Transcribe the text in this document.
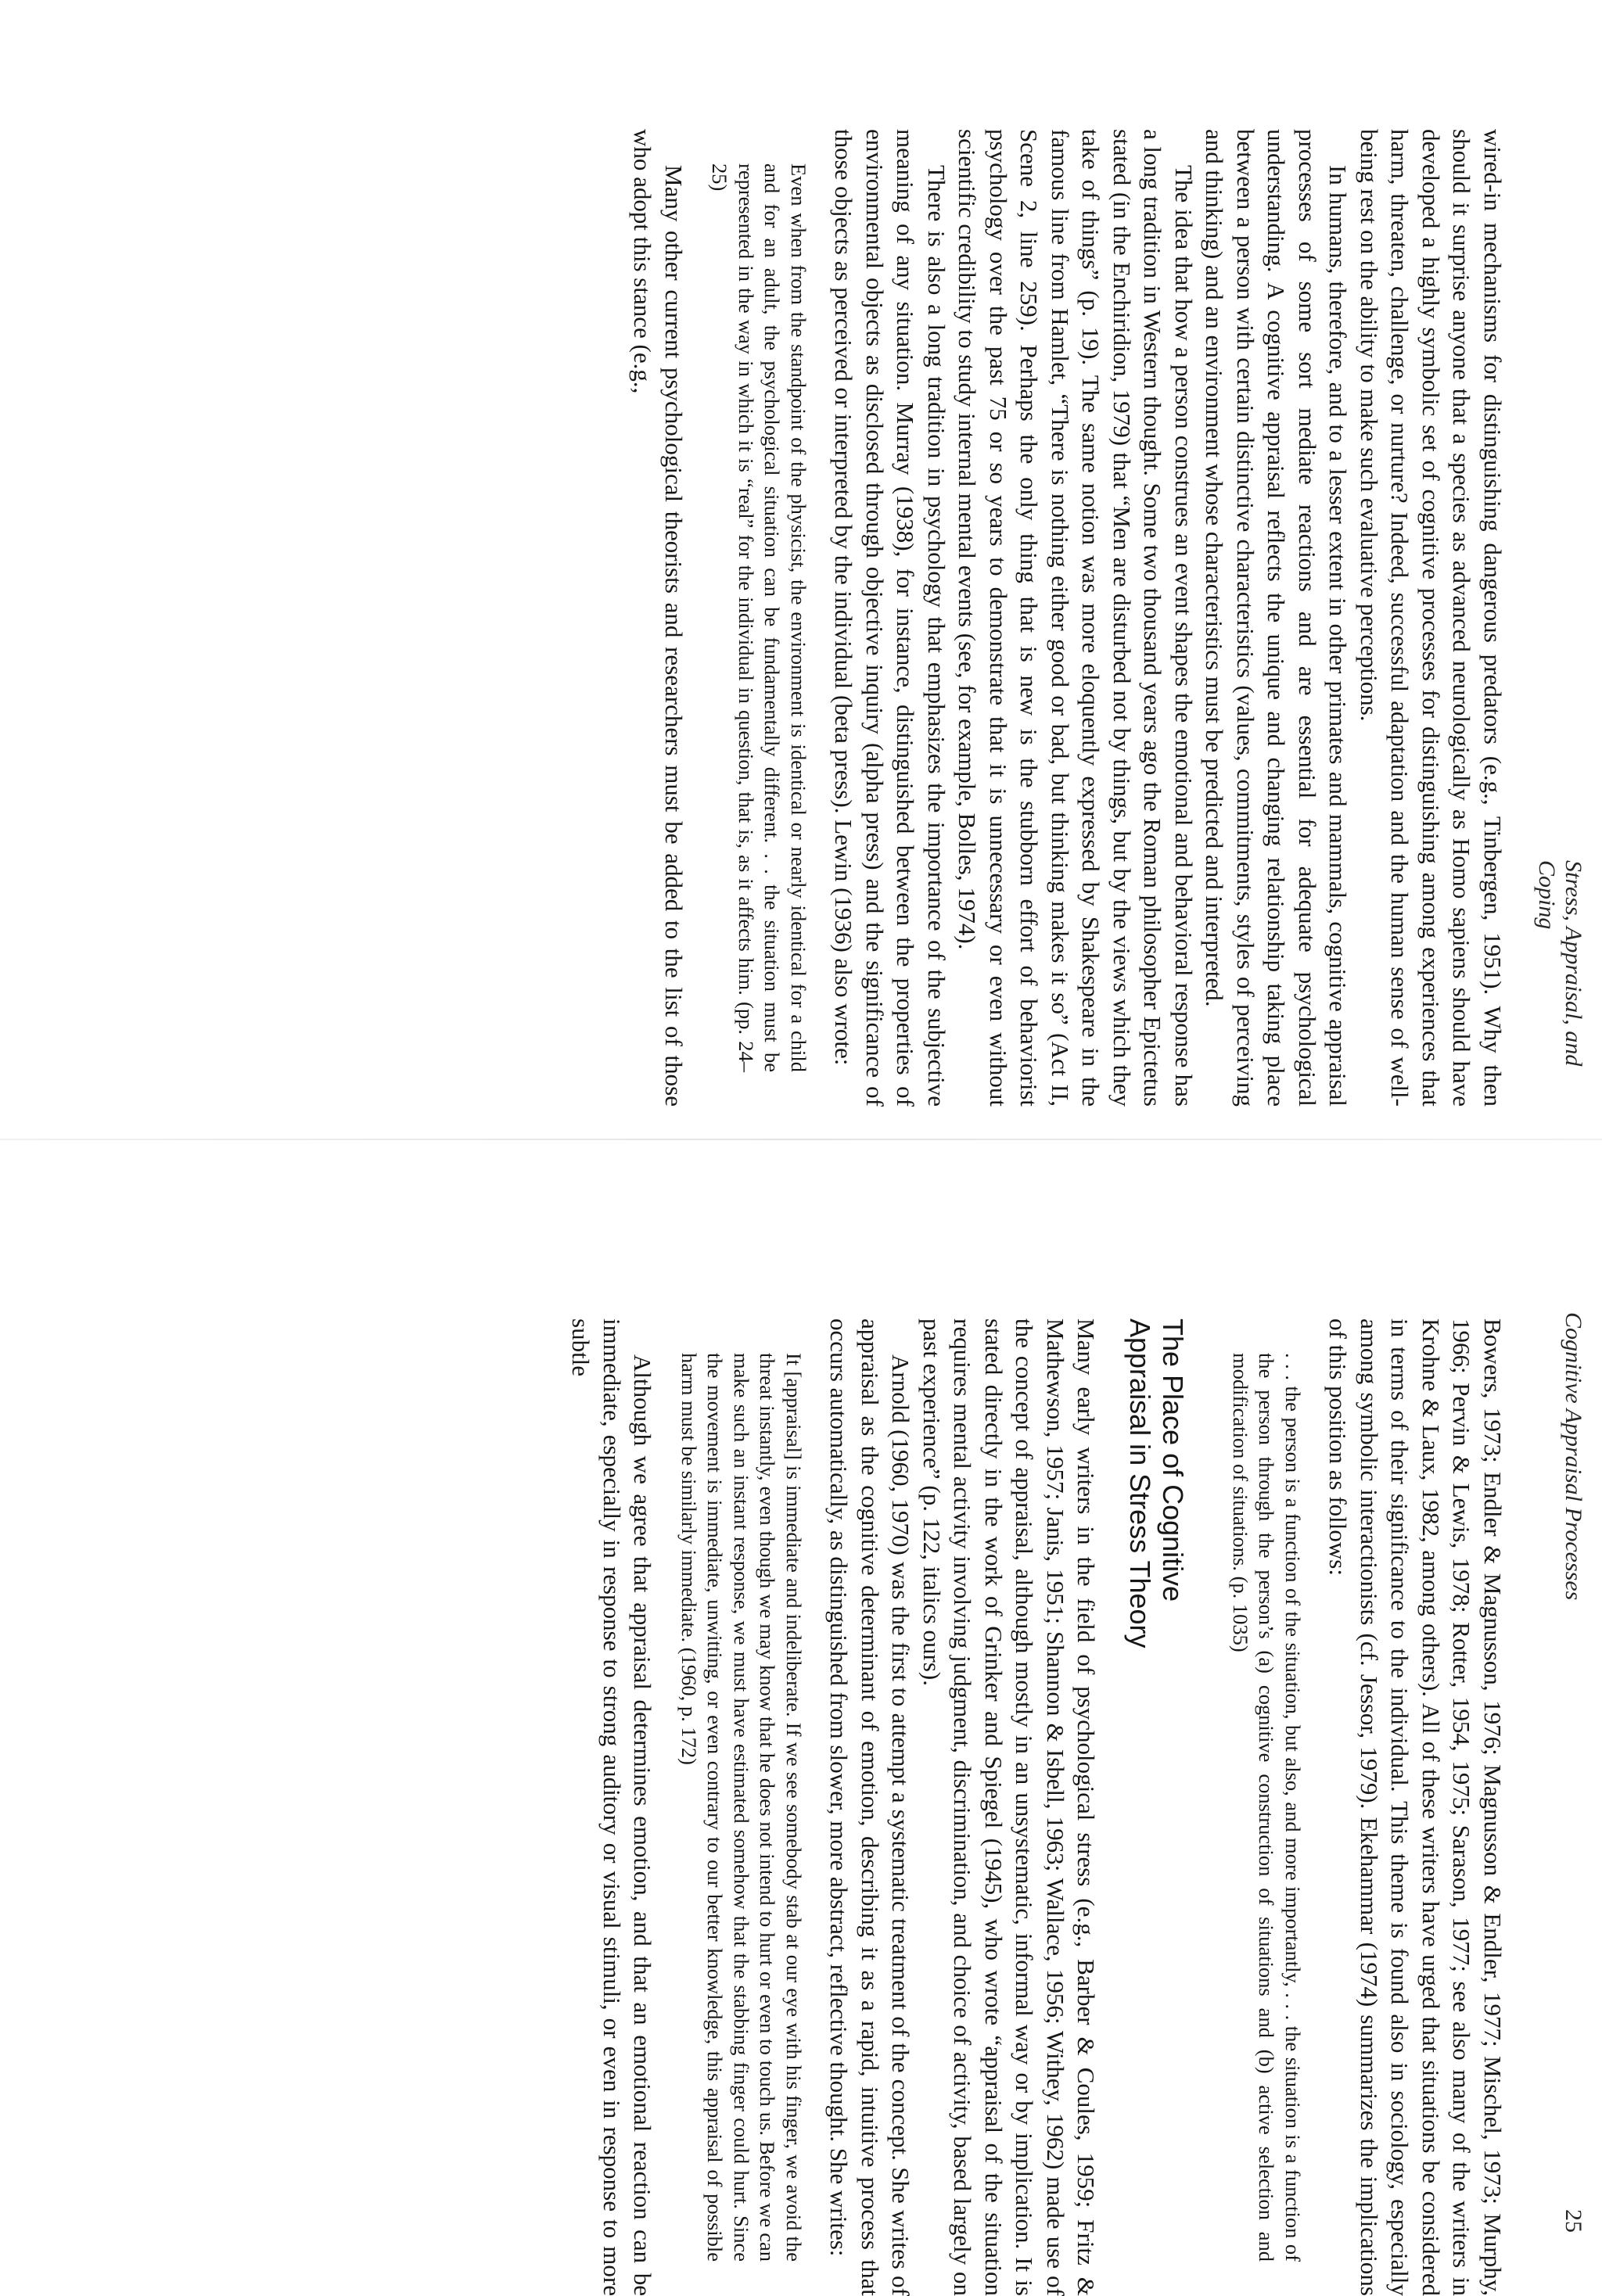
Stress, Appraisal, and Coping

wired-in mechanisms for distinguishing dangerous predators (e.g., Tinbergen, 1951). Why then should it surprise anyone that a species as advanced neurologically as Homo sapiens should have developed a highly symbolic set of cognitive processes for distinguishing among experiences that harm, threaten, challenge, or nurture? Indeed, successful adaptation and the human sense of well-being rest on the ability to make such evaluative perceptions.

In humans, therefore, and to a lesser extent in other primates and mammals, cognitive appraisal processes of some sort mediate reactions and are essential for adequate psychological understanding. A cognitive appraisal reflects the unique and changing relationship taking place between a person with certain distinctive characteristics (values, commitments, styles of perceiving and thinking) and an environment whose characteristics must be predicted and interpreted.

The idea that how a person construes an event shapes the emotional and behavioral response has a long tradition in Western thought. Some two thousand years ago the Roman philosopher Epictetus stated (in the Enchiridion, 1979) that “Men are disturbed not by things, but by the views which they take of things” (p. 19). The same notion was more eloquently expressed by Shakespeare in the famous line from Hamlet, “There is nothing either good or bad, but thinking makes it so” (Act II, Scene 2, line 259). Perhaps the only thing that is new is the stubborn effort of behaviorist psychology over the past 75 or so years to demonstrate that it is unnecessary or even without scientific credibility to study internal mental events (see, for example, Bolles, 1974).

There is also a long tradition in psychology that emphasizes the importance of the subjective meaning of any situation. Murray (1938), for instance, distinguished between the properties of environmental objects as disclosed through objective inquiry (alpha press) and the significance of those objects as perceived or interpreted by the individual (beta press). Lewin (1936) also wrote:

Even when from the standpoint of the physicist, the environment is identical or nearly identical for a child and for an adult, the psychological situation can be fundamentally different. . . the situation must be represented in the way in which it is “real” for the individual in question, that is, as it affects him. (pp. 24–25)

Many other current psychological theorists and researchers must be added to the list of those who adopt this stance (e.g.,

Cognitive Appraisal Processes
25

Bowers, 1973; Endler & Magnusson, 1976; Magnusson & Endler, 1977; Mischel, 1973; Murphy, 1966; Pervin & Lewis, 1978; Rotter, 1954, 1975; Sarason, 1977; see also many of the writers in Krohne & Laux, 1982, among others). All of these writers have urged that situations be considered in terms of their significance to the individual. This theme is found also in sociology, especially among symbolic interactionists (cf. Jessor, 1979). Ekehammar (1974) summarizes the implications of this position as follows:

. . . the person is a function of the situation, but also, and more importantly, . . . the situation is a function of the person through the person’s (a) cognitive construction of situations and (b) active selection and modification of situations. (p. 1035)

The Place of Cognitive
Appraisal in Stress Theory

Many early writers in the field of psychological stress (e.g., Barber & Coules, 1959; Fritz & Mathewson, 1957; Janis, 1951; Shannon & Isbell, 1963; Wallace, 1956; Withey, 1962) made use of the concept of appraisal, although mostly in an unsystematic, informal way or by implication. It is stated directly in the work of Grinker and Spiegel (1945), who wrote “appraisal of the situation requires mental activity involving judgment, discrimination, and choice of activity, based largely on past experience” (p. 122, italics ours).

Arnold (1960, 1970) was the first to attempt a systematic treatment of the concept. She writes of appraisal as the cognitive determinant of emotion, describing it as a rapid, intuitive process that occurs automatically, as distinguished from slower, more abstract, reflective thought. She writes:

It [appraisal] is immediate and indeliberate. If we see somebody stab at our eye with his finger, we avoid the threat instantly, even though we may know that he does not intend to hurt or even to touch us. Before we can make such an instant response, we must have estimated somehow that the stabbing finger could hurt. Since the movement is immediate, unwitting, or even contrary to our better knowledge, this appraisal of possible harm must be similarly immediate. (1960, p. 172)

Although we agree that appraisal determines emotion, and that an emotional reaction can be immediate, especially in response to strong auditory or visual stimuli, or even in response to more subtle
